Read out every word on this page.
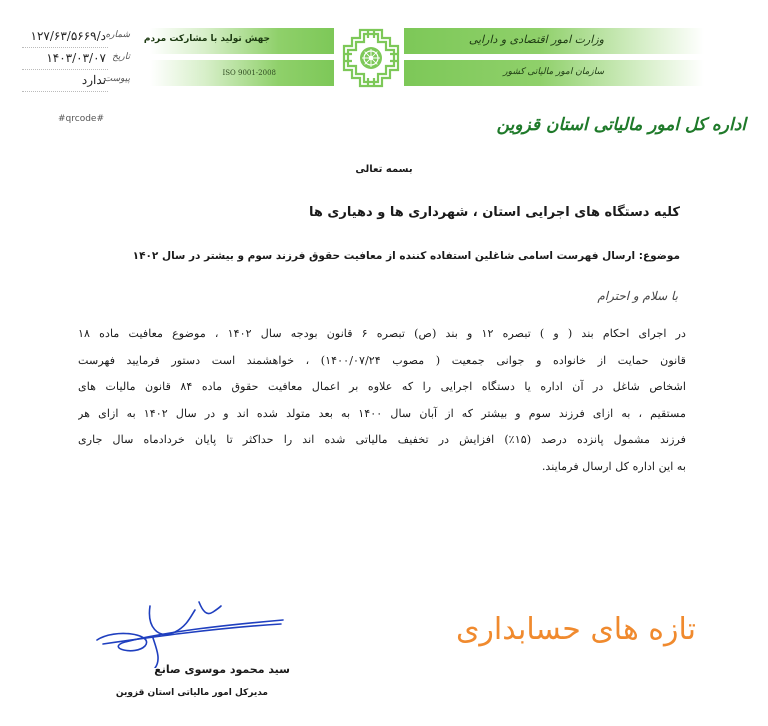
شماره
د/۱۲۷/۶۳/۵۶۶۹
تاریخ
۱۴۰۳/۰۳/۰۷
پیوست
ندارد
#qrcode#
جهش تولید با مشارکت مردم
ISO 9001-2008
وزارت امور اقتصادی و دارایی
سازمان امور مالیاتی کشور
اداره کل امور مالیاتی استان قزوین
بسمه تعالی
کلیه دستگاه های اجرایی استان ، شهرداری ها و دهیاری ها
موضوع: ارسال فهرست اسامی شاغلین استفاده کننده از معافیت حقوق فرزند سوم و بیشتر در سال ۱۴۰۲
با سلام و احترام
در اجرای احکام بند ( و ) تبصره ۱۲ و بند (ص) تبصره ۶ قانون بودجه سال ۱۴۰۲ ، موضوع معافیت ماده ۱۸
قانون حمایت از خانواده و جوانی جمعیت ( مصوب ۱۴۰۰/۰۷/۲۴) ، خواهشمند است دستور فرمایید فهرست
اشخاص شاغل در آن اداره یا دستگاه اجرایی را که علاوه بر اعمال معافیت حقوق ماده ۸۴ قانون مالیات های
مستقیم ، به ازای فرزند سوم و بیشتر که از آبان سال ۱۴۰۰ به بعد متولد شده اند و در سال ۱۴۰۲ به ازای هر
فرزند مشمول پانزده درصد (۱۵٪) افزایش در تخفیف مالیاتی شده اند را حداکثر تا پایان خردادماه سال جاری
به این اداره کل ارسال فرمایند.
سید محمود موسوی صانع
مدیرکل امور مالیاتی استان قزوین
تازه های حسابداری
